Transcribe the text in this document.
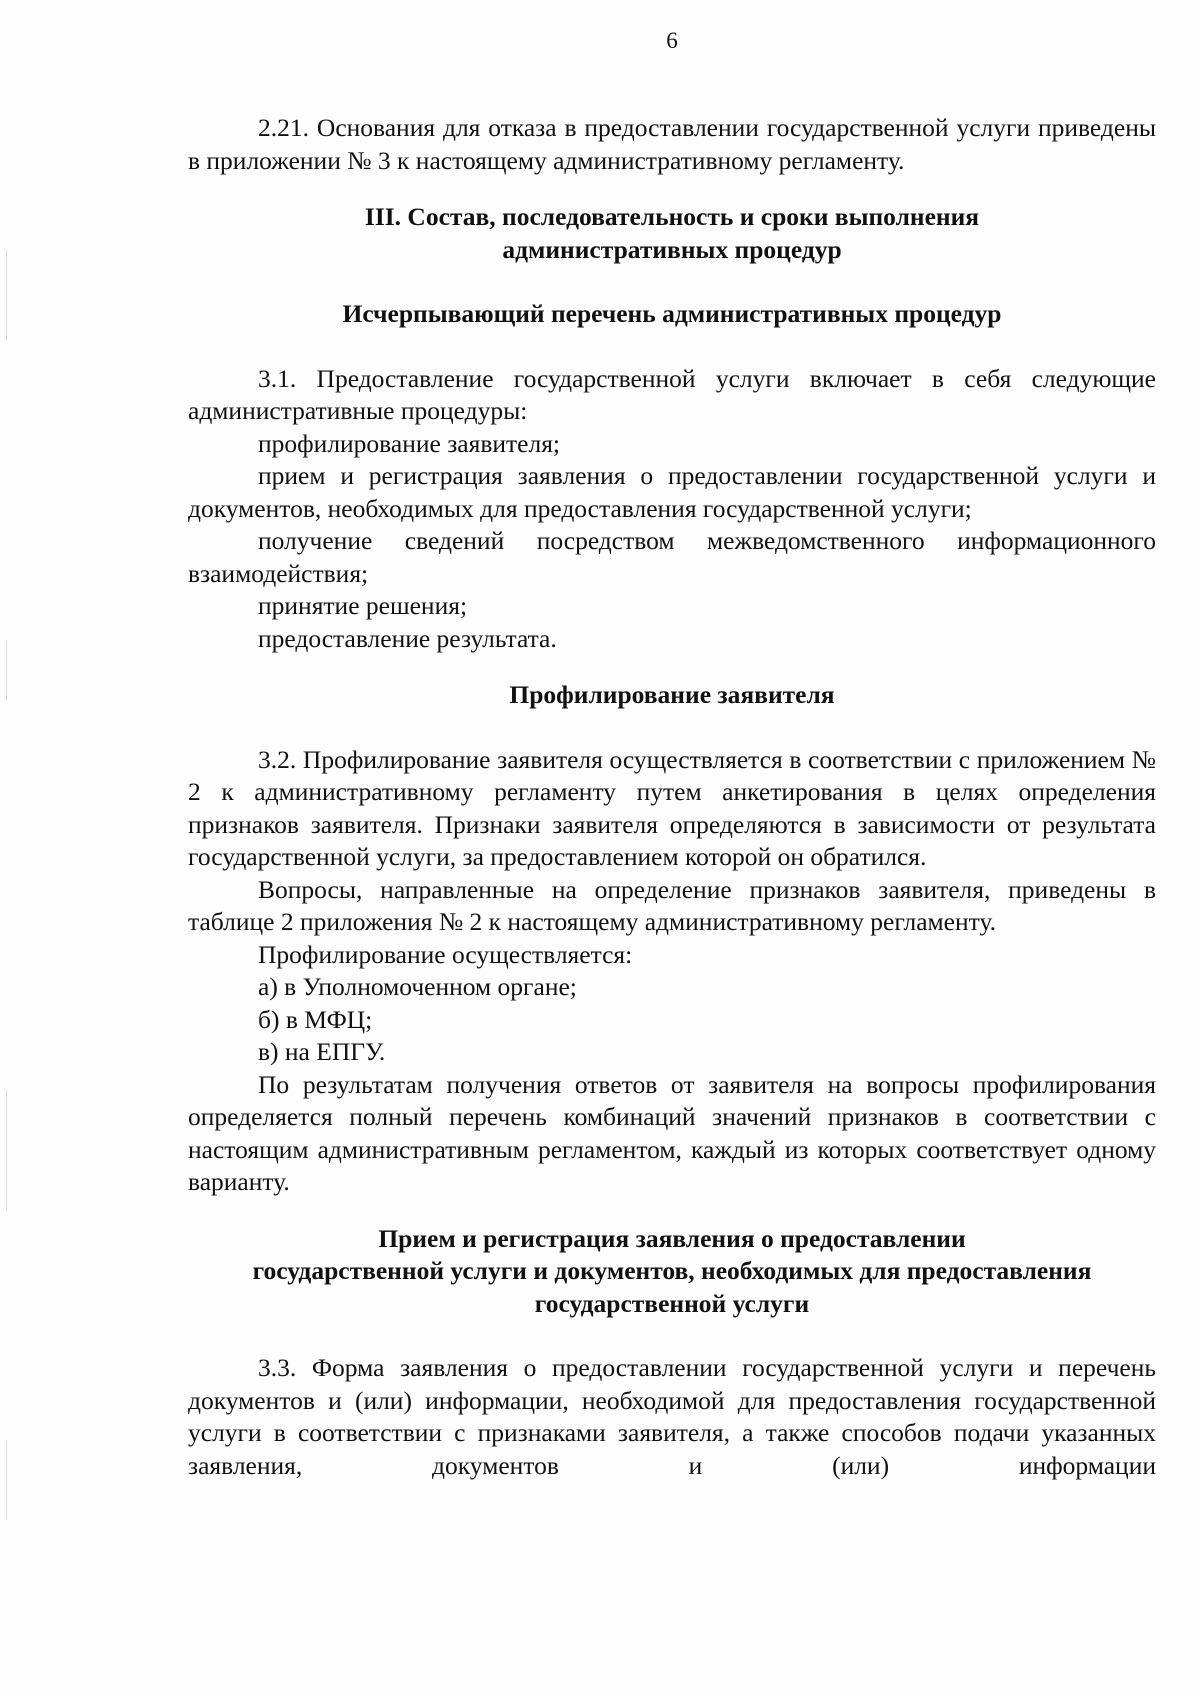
6

2.21. Основания для отказа в предоставлении государственной услуги приведены в приложении № 3 к настоящему административному регламенту.

III. Состав, последовательность и сроки выполнения
административных процедур
Исчерпывающий перечень административных процедур

3.1. Предоставление государственной услуги включает в себя следующие административные процедуры:

профилирование заявителя;

прием и регистрация заявления о предоставлении государственной услуги и документов, необходимых для предоставления государственной услуги;

получение сведений посредством межведомственного информационного взаимодействия;

принятие решения;

предоставление результата.

Профилирование заявителя

3.2. Профилирование заявителя осуществляется в соответствии с приложением № 2 к административному регламенту путем анкетирования в целях определения признаков заявителя. Признаки заявителя определяются в зависимости от результата государственной услуги, за предоставлением которой он обратился.

Вопросы, направленные на определение признаков заявителя, приведены в таблице 2 приложения № 2 к настоящему административному регламенту.

Профилирование осуществляется:

а) в Уполномоченном органе;

б) в МФЦ;

в) на ЕПГУ.

По результатам получения ответов от заявителя на вопросы профилирования определяется полный перечень комбинаций значений признаков в соответствии с настоящим административным регламентом, каждый из которых соответствует одному варианту.

Прием и регистрация заявления о предоставлении
государственной услуги и документов, необходимых для предоставления
государственной услуги

3.3. Форма заявления о предоставлении государственной услуги и перечень документов и (или) информации, необходимой для предоставления государственной услуги в соответствии с признаками заявителя, а также способов подачи указанных заявления, документов и (или) информации
